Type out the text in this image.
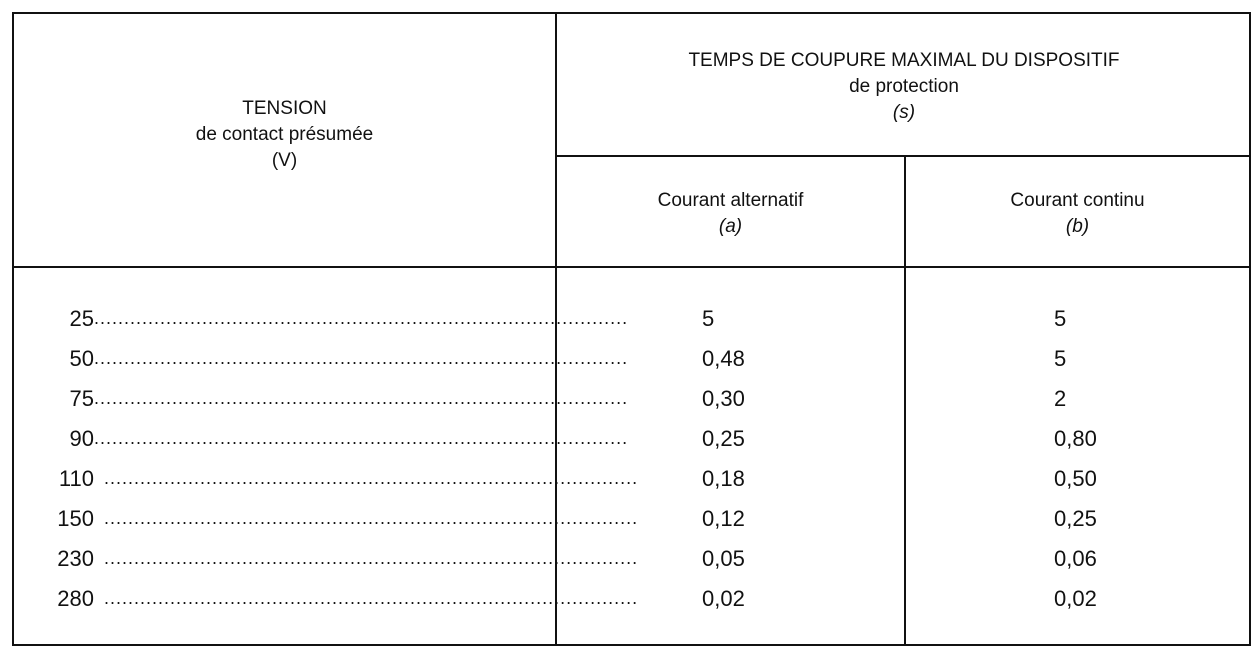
TENSION
de contact présumée
(V)
TEMPS DE COUPURE MAXIMAL DU DISPOSITIF
de protection
(s)
Courant alternatif
(a)
Courant continu
(b)
25 .........................................................................................	5	5
50 .........................................................................................	0,48	5
75 .........................................................................................	0,30	2
90 .........................................................................................	0,25	0,80
110 .........................................................................................	0,18	0,50
150 .........................................................................................	0,12	0,25
230 .........................................................................................	0,05	0,06
280 .........................................................................................	0,02	0,02
